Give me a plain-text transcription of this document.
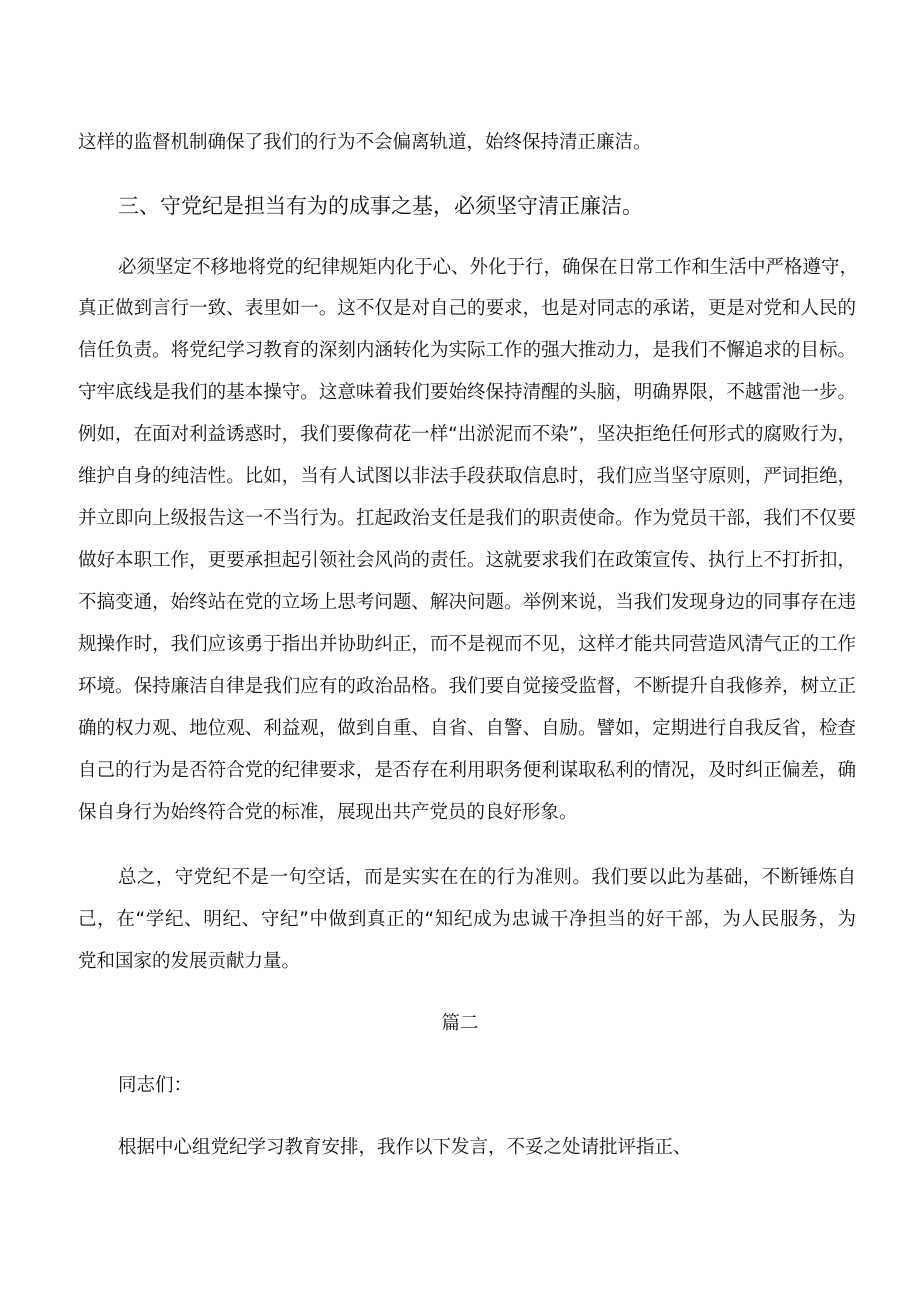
这样的监督机制确保了我们的行为不会偏离轨道，始终保持清正廉洁。
三、守党纪是担当有为的成事之基，必须坚守清正廉洁。
必须坚定不移地将党的纪律规矩内化于心、外化于行，确保在日常工作和生活中严格遵守，
真正做到言行一致、表里如一。这不仅是对自己的要求，也是对同志的承诺，更是对党和人民的
信任负责。将党纪学习教育的深刻内涵转化为实际工作的强大推动力，是我们不懈追求的目标。
守牢底线是我们的基本操守。这意味着我们要始终保持清醒的头脑，明确界限，不越雷池一步。
例如，在面对利益诱惑时，我们要像荷花一样“出淤泥而不染”，坚决拒绝任何形式的腐败行为，
维护自身的纯洁性。比如，当有人试图以非法手段获取信息时，我们应当坚守原则，严词拒绝，
并立即向上级报告这一不当行为。扛起政治支任是我们的职责使命。作为党员干部，我们不仅要
做好本职工作，更要承担起引领社会风尚的责任。这就要求我们在政策宣传、执行上不打折扣，
不搞变通，始终站在党的立场上思考问题、解决问题。举例来说，当我们发现身边的同事存在违
规操作时，我们应该勇于指出并协助纠正，而不是视而不见，这样才能共同营造风清气正的工作
环境。保持廉洁自律是我们应有的政治品格。我们要自觉接受监督，不断提升自我修养，树立正
确的权力观、地位观、利益观，做到自重、自省、自警、自励。譬如，定期进行自我反省，检查
自己的行为是否符合党的纪律要求，是否存在利用职务便利谋取私利的情况，及时纠正偏差，确
保自身行为始终符合党的标准，展现出共产党员的良好形象。
总之，守党纪不是一句空话，而是实实在在的行为准则。我们要以此为基础，不断锤炼自
己，在“学纪、明纪、守纪”中做到真正的“知纪成为忠诚干净担当的好干部，为人民服务，为
党和国家的发展贡献力量。
篇二
同志们：
根据中心组党纪学习教育安排，我作以下发言，不妥之处请批评指正、
